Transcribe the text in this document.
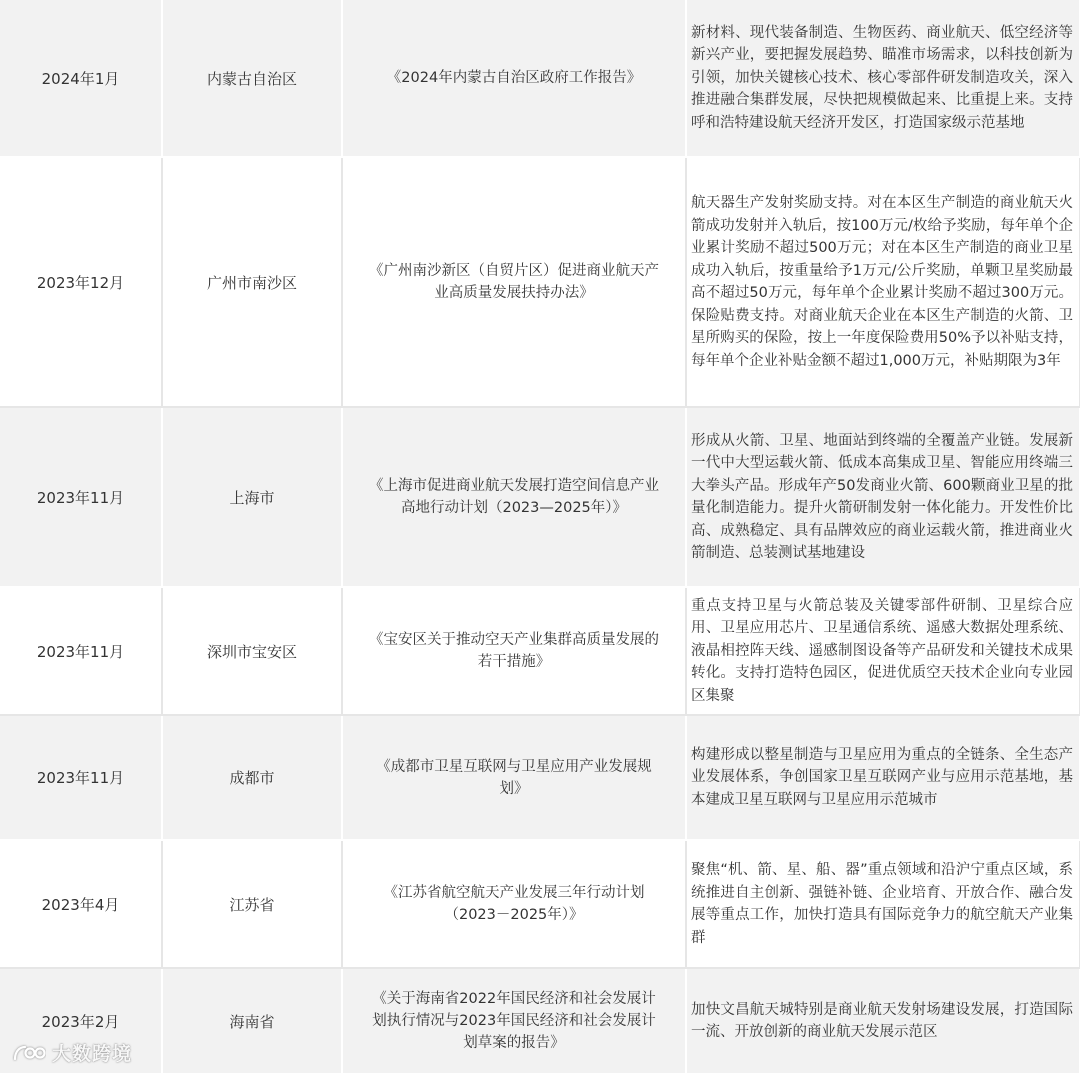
2024年1月	内蒙古自治区	《2024年内蒙古自治区政府工作报告》	新材料、现代装备制造、生物医药、商业航天、低空经济等新兴产业，要把握发展趋势、瞄准市场需求，以科技创新为引领，加快关键核心技术、核心零部件研发制造攻关，深入推进融合集群发展，尽快把规模做起来、比重提上来。支持呼和浩特建设航天经济开发区，打造国家级示范基地

2023年12月	广州市南沙区	《广州南沙新区（自贸片区）促进商业航天产业高质量发展扶持办法》	航天器生产发射奖励支持。对在本区生产制造的商业航天火箭成功发射并入轨后，按100万元/枚给予奖励，每年单个企业累计奖励不超过500万元；对在本区生产制造的商业卫星成功入轨后，按重量给予1万元/公斤奖励，单颗卫星奖励最高不超过50万元，每年单个企业累计奖励不超过300万元。保险贴费支持。对商业航天企业在本区生产制造的火箭、卫星所购买的保险，按上一年度保险费用50%予以补贴支持，每年单个企业补贴金额不超过1,000万元，补贴期限为3年

2023年11月	上海市	《上海市促进商业航天发展打造空间信息产业高地行动计划（2023—2025年）》	形成从火箭、卫星、地面站到终端的全覆盖产业链。发展新一代中大型运载火箭、低成本高集成卫星、智能应用终端三大拳头产品。形成年产50发商业火箭、600颗商业卫星的批量化制造能力。提升火箭研制发射一体化能力。开发性价比高、成熟稳定、具有品牌效应的商业运载火箭，推进商业火箭制造、总装测试基地建设

2023年11月	深圳市宝安区	《宝安区关于推动空天产业集群高质量发展的若干措施》	重点支持卫星与火箭总装及关键零部件研制、卫星综合应用、卫星应用芯片、卫星通信系统、遥感大数据处理系统、液晶相控阵天线、遥感制图设备等产品研发和关键技术成果转化。支持打造特色园区，促进优质空天技术企业向专业园区集聚

2023年11月	成都市	《成都市卫星互联网与卫星应用产业发展规划》	构建形成以整星制造与卫星应用为重点的全链条、全生态产业发展体系，争创国家卫星互联网产业与应用示范基地，基本建成卫星互联网与卫星应用示范城市

2023年4月	江苏省	《江苏省航空航天产业发展三年行动计划（2023－2025年）》	聚焦“机、箭、星、船、器”重点领域和沿沪宁重点区域，系统推进自主创新、强链补链、企业培育、开放合作、融合发展等重点工作，加快打造具有国际竞争力的航空航天产业集群

2023年2月	海南省	《关于海南省2022年国民经济和社会发展计划执行情况与2023年国民经济和社会发展计划草案的报告》	加快文昌航天城特别是商业航天发射场建设发展，打造国际一流、开放创新的商业航天发展示范区
大数跨境
